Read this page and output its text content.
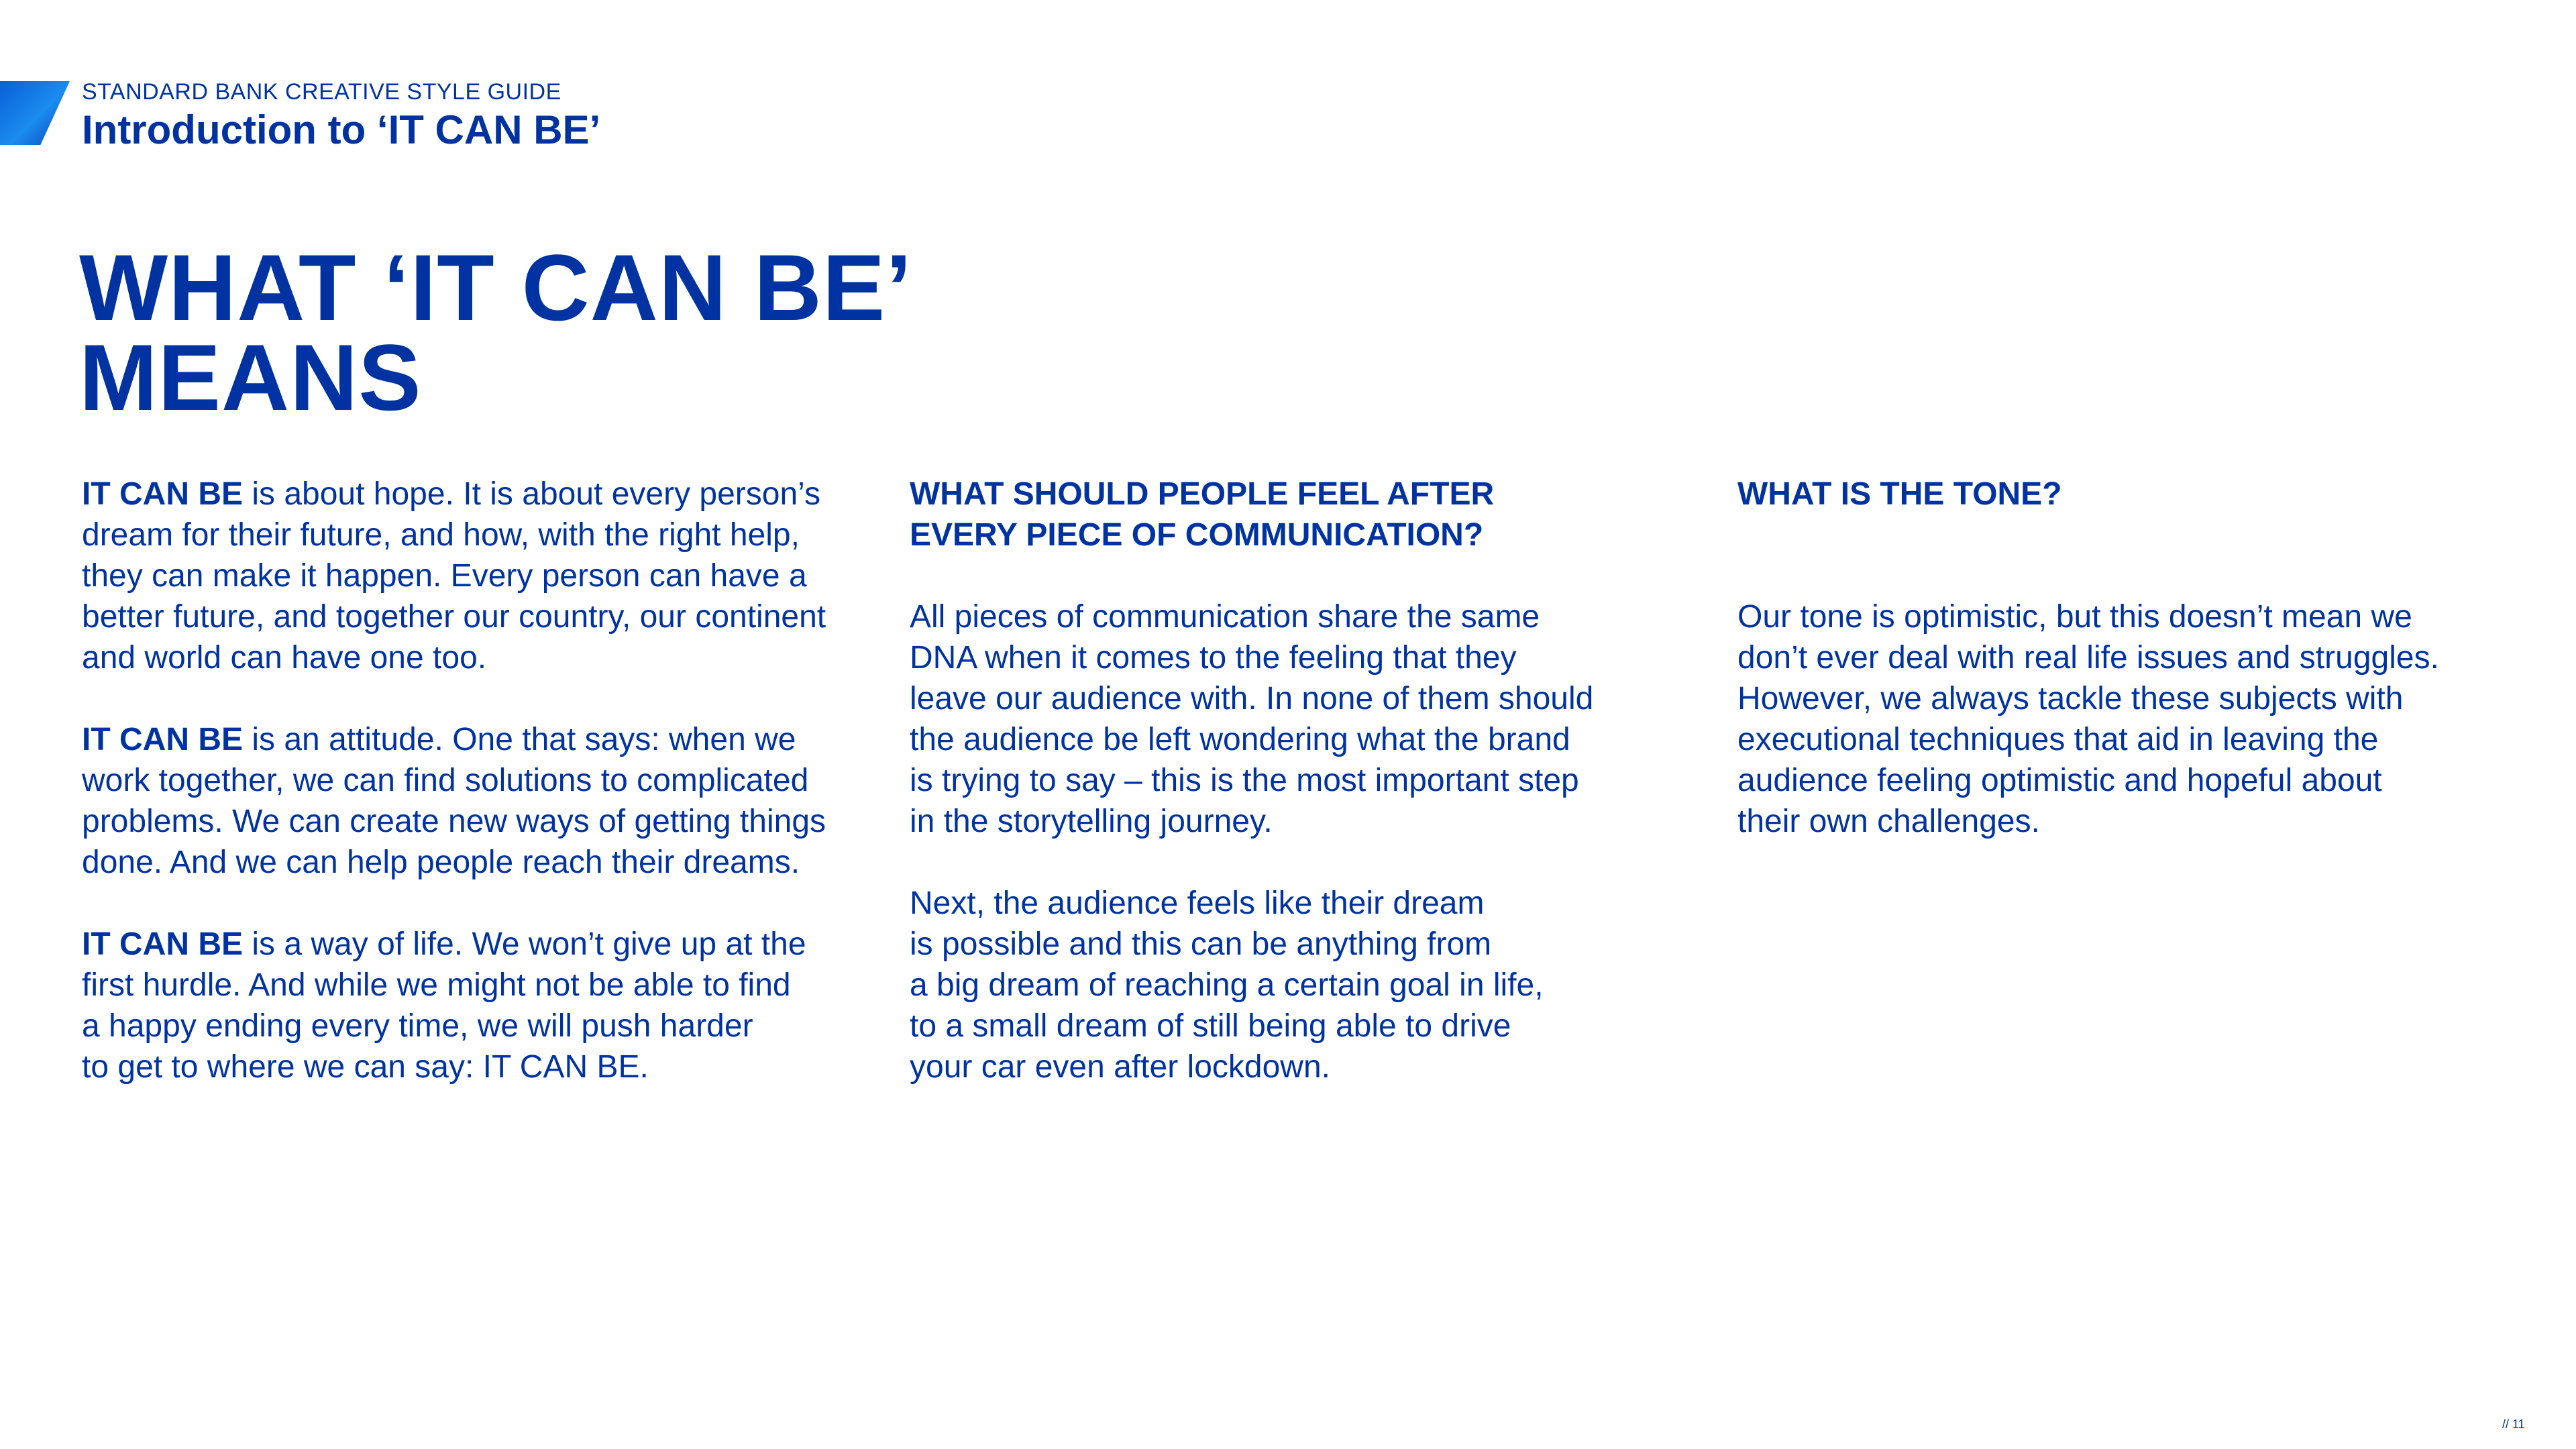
STANDARD BANK CREATIVE STYLE GUIDE
Introduction to ‘IT CAN BE’
WHAT ‘IT CAN BE’
MEANS

IT CAN BE is about hope. It is about every person’s
dream for their future, and how, with the right help,
they can make it happen. Every person can have a
better future, and together our country, our continent
and world can have one too.

IT CAN BE is an attitude. One that says: when we
work together, we can find solutions to complicated
problems. We can create new ways of getting things
done. And we can help people reach their dreams.

IT CAN BE is a way of life. We won’t give up at the
first hurdle. And while we might not be able to find
a happy ending every time, we will push harder
to get to where we can say: IT CAN BE.

WHAT SHOULD PEOPLE FEEL AFTER
EVERY PIECE OF COMMUNICATION?

All pieces of communication share the same
DNA when it comes to the feeling that they
leave our audience with. In none of them should
the audience be left wondering what the brand
is trying to say – this is the most important step
in the storytelling journey.

Next, the audience feels like their dream
is possible and this can be anything from
a big dream of reaching a certain goal in life,
to a small dream of still being able to drive
your car even after lockdown.

WHAT IS THE TONE?

Our tone is optimistic, but this doesn’t mean we
don’t ever deal with real life issues and struggles.
However, we always tackle these subjects with
executional techniques that aid in leaving the
audience feeling optimistic and hopeful about
their own challenges.

// 11
